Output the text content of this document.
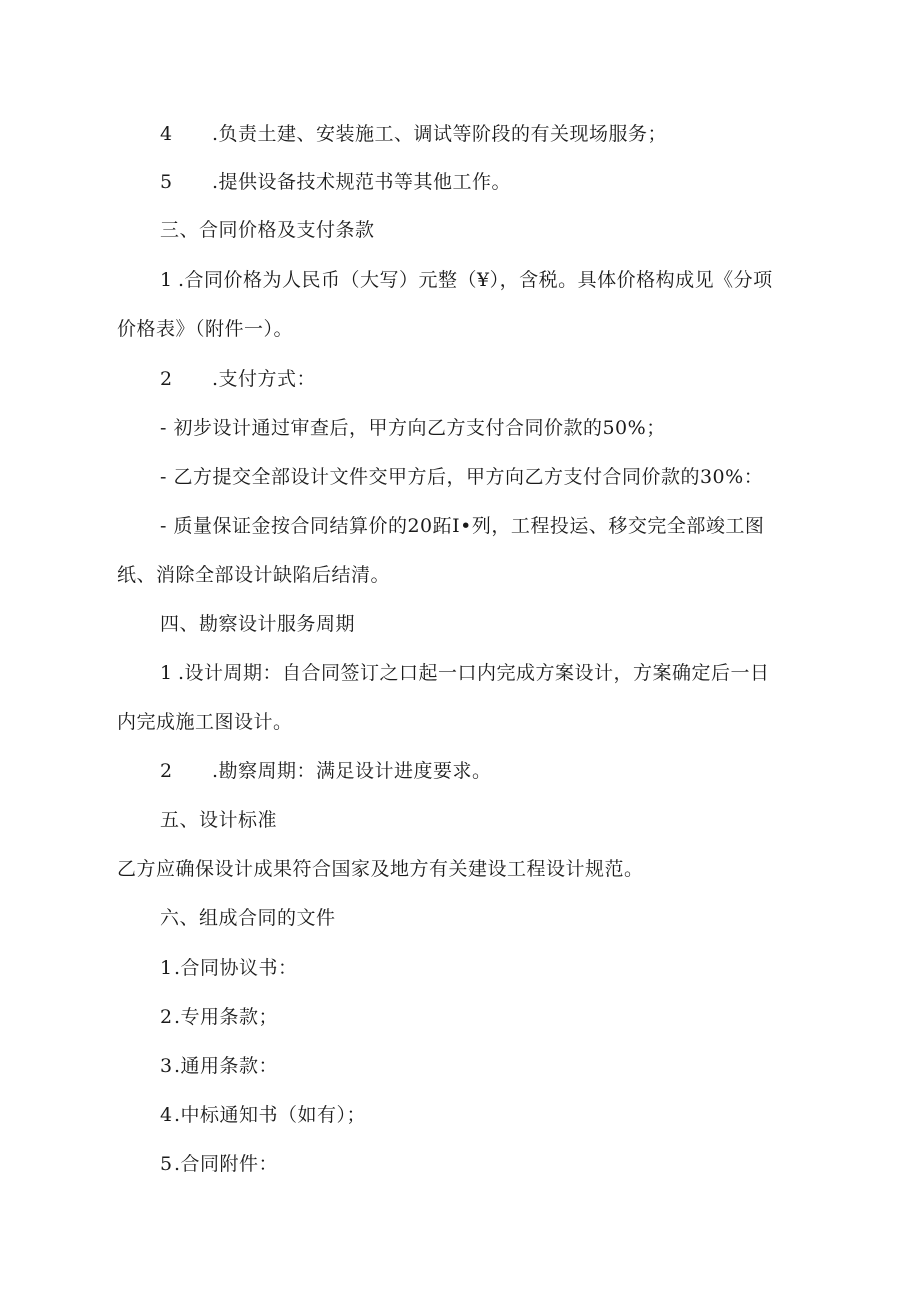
4 .负责土建、安装施工、调试等阶段的有关现场服务；
5 .提供设备技术规范书等其他工作。
三、合同价格及支付条款
1 .合同价格为人民币（大写）元整（¥），含税。具体价格构成见《分项
价格表》（附件一）。
2 .支付方式：
- 初步设计通过审查后，甲方向乙方支付合同价款的50%；
- 乙方提交全部设计文件交甲方后，甲方向乙方支付合同价款的30%：
- 质量保证金按合同结算价的20跖I•列，工程投运、移交完全部竣工图
纸、消除全部设计缺陷后结清。
四、勘察设计服务周期
1 .设计周期：自合同签订之口起一口内完成方案设计，方案确定后一日
内完成施工图设计。
2 .勘察周期：满足设计进度要求。
五、设计标准
乙方应确保设计成果符合国家及地方有关建设工程设计规范。
六、组成合同的文件
1.合同协议书：
2.专用条款；
3.通用条款：
4.中标通知书（如有）；
5.合同附件：
